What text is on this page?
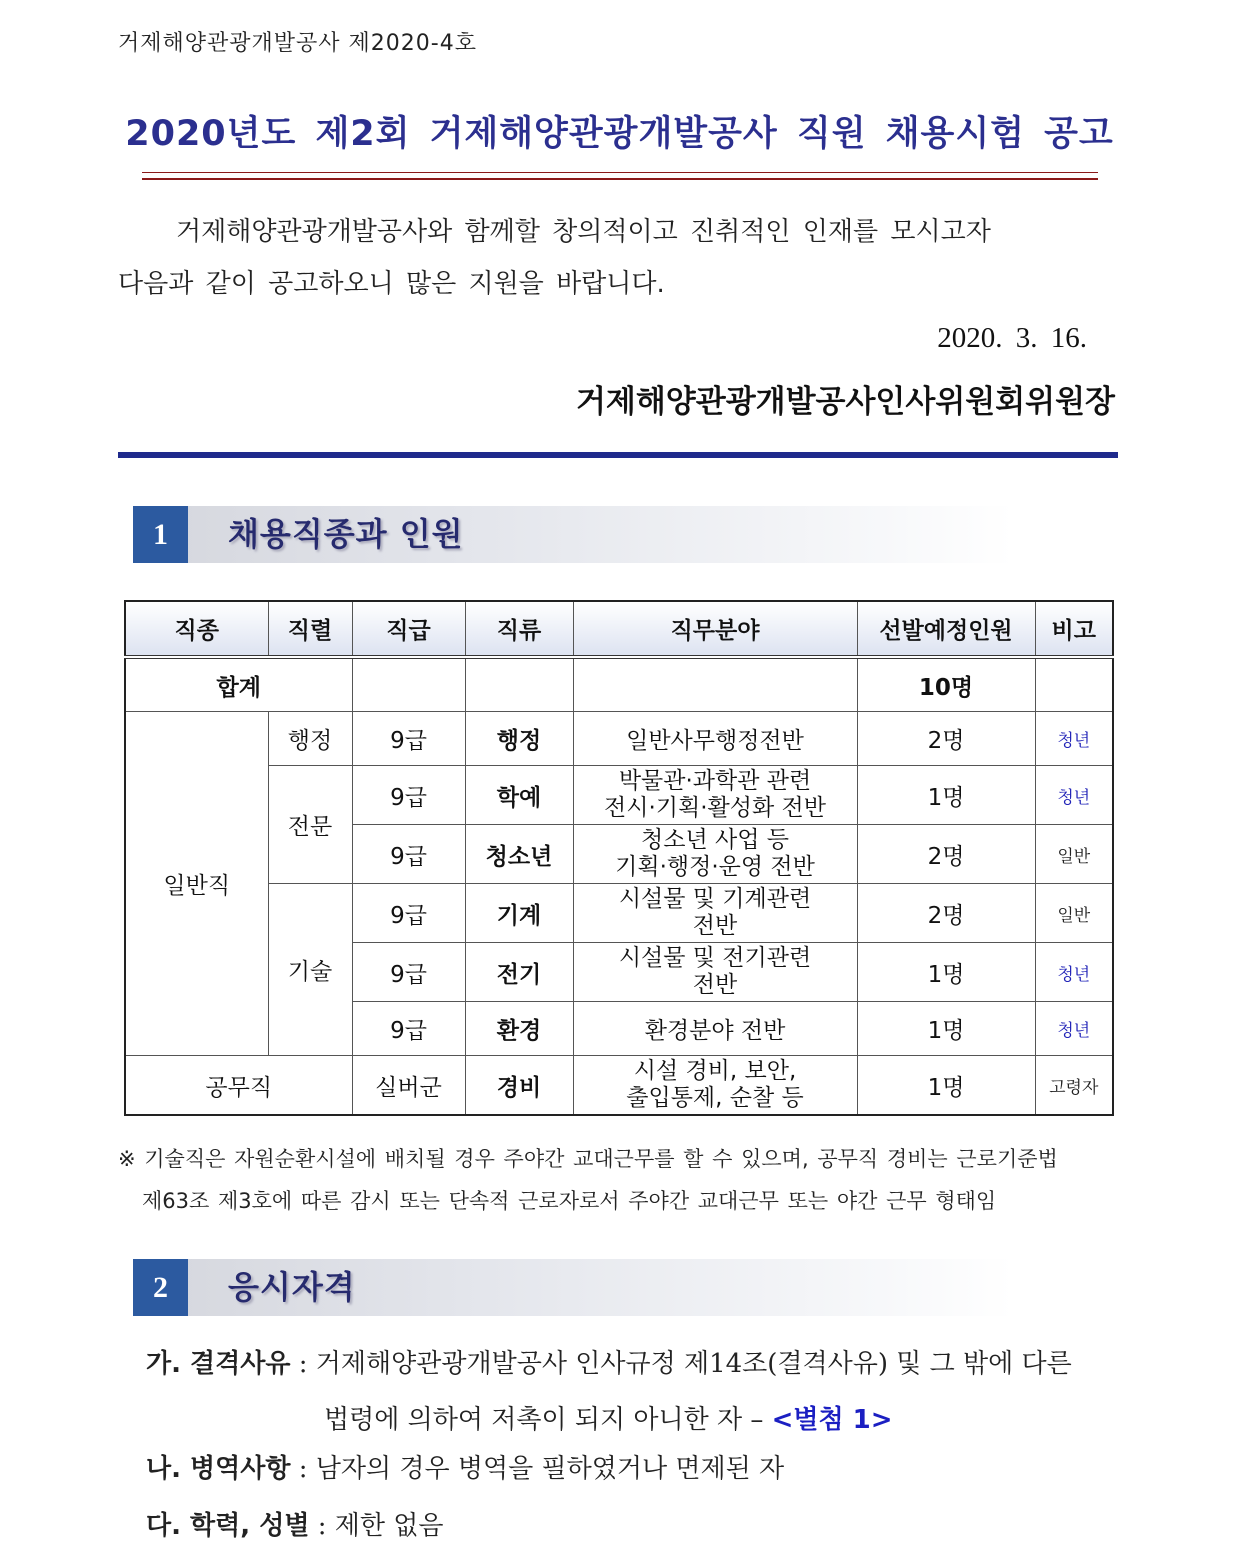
거제해양관광개발공사 제2020-4호
2020년도 제2회 거제해양관광개발공사 직원 채용시험 공고
거제해양관광개발공사와 함께할 창의적이고 진취적인 인재를 모시고자
다음과 같이 공고하오니 많은 지원을 바랍니다.
2020. 3. 16.
거제해양관광개발공사인사위원회위원장
1	채용직종과 인원
직종	직렬	직급	직류	직무분야	선발예정인원	비고
합계					10명	
일반직	행정	9급	행정	일반사무행정전반	2명	청년
	전문	9급	학예	박물관·과학관 관련
전시·기획·활성화 전반	1명	청년
		9급	청소년	청소년 사업 등
기획·행정·운영 전반	2명	일반
	기술	9급	기계	시설물 및 기계관련
전반	2명	일반
		9급	전기	시설물 및 전기관련
전반	1명	청년
		9급	환경	환경분야 전반	1명	청년
공무직		실버군	경비	시설 경비, 보안,
출입통제, 순찰 등	1명	고령자
※ 기술직은 자원순환시설에 배치될 경우 주야간 교대근무를 할 수 있으며, 공무직 경비는 근로기준법
제63조 제3호에 따른 감시 또는 단속적 근로자로서 주야간 교대근무 또는 야간 근무 형태임
2	응시자격
가. 결격사유 : 거제해양관광개발공사 인사규정 제14조(결격사유) 및 그 밖에 다른
법령에 의하여 저촉이 되지 아니한 자 – <별첨 1>
나. 병역사항 : 남자의 경우 병역을 필하였거나 면제된 자
다. 학력, 성별 : 제한 없음
